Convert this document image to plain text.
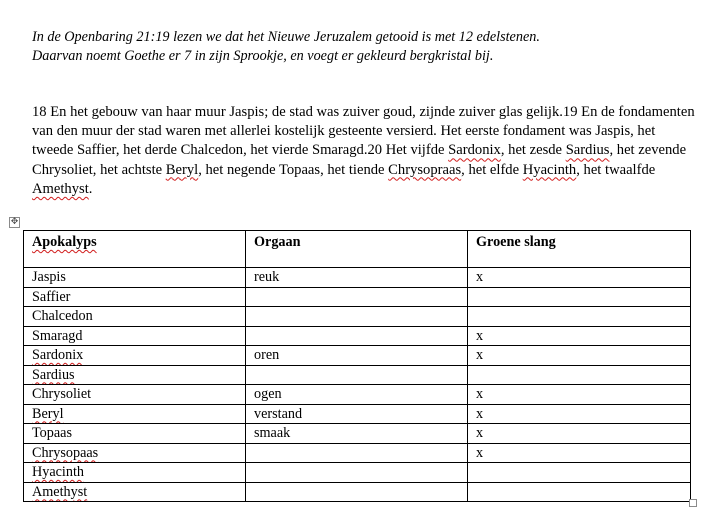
In de Openbaring 21:19 lezen we dat het Nieuwe Jeruzalem getooid is met 12 edelstenen.
Daarvan noemt Goethe er 7 in zijn Sprookje, en voegt er gekleurd bergkristal bij.
18 En het gebouw van haar muur Jaspis; de stad was zuiver goud, zijnde zuiver glas gelijk.19 En de fondamenten van den muur der stad waren met allerlei kostelijk gesteente versierd. Het eerste fondament was Jaspis, het tweede Saffier, het derde Chalcedon, het vierde Smaragd.20 Het vijfde Sardonix, het zesde Sardius, het zevende Chrysoliet, het achtste Beryl, het negende Topaas, het tiende Chrysopraas, het elfde Hyacinth, het twaalfde Amethyst.
✥
Apokalyps	Orgaan	Groene slang
Jaspis	reuk	x
Saffier		
Chalcedon		
Smaragd		x
Sardonix	oren	x
Sardius		
Chrysoliet	ogen	x
Beryl	verstand	x
Topaas	smaak	x
Chrysopaas		x
Hyacinth		
Amethyst		
